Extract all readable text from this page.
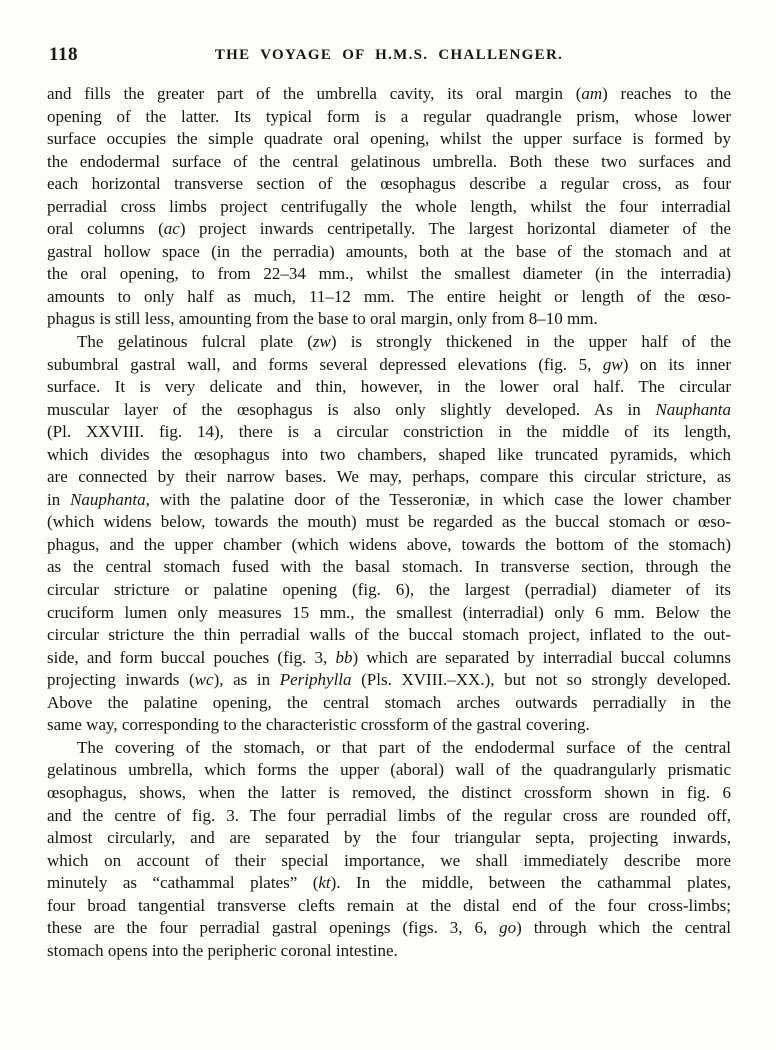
118	THE VOYAGE OF H.M.S. CHALLENGER.
and fills the greater part of the umbrella cavity, its oral margin (am) reaches to the
opening of the latter. Its typical form is a regular quadrangle prism, whose lower
surface occupies the simple quadrate oral opening, whilst the upper surface is formed by
the endodermal surface of the central gelatinous umbrella. Both these two surfaces and
each horizontal transverse section of the œsophagus describe a regular cross, as four
perradial cross limbs project centrifugally the whole length, whilst the four interradial
oral columns (ac) project inwards centripetally. The largest horizontal diameter of the
gastral hollow space (in the perradia) amounts, both at the base of the stomach and at
the oral opening, to from 22–34 mm., whilst the smallest diameter (in the interradia)
amounts to only half as much, 11–12 mm. The entire height or length of the œso-
phagus is still less, amounting from the base to oral margin, only from 8–10 mm.
The gelatinous fulcral plate (zw) is strongly thickened in the upper half of the
subumbral gastral wall, and forms several depressed elevations (fig. 5, gw) on its inner
surface. It is very delicate and thin, however, in the lower oral half. The circular
muscular layer of the œsophagus is also only slightly developed. As in Nauphanta
(Pl. XXVIII. fig. 14), there is a circular constriction in the middle of its length,
which divides the œsophagus into two chambers, shaped like truncated pyramids, which
are connected by their narrow bases. We may, perhaps, compare this circular stricture, as
in Nauphanta, with the palatine door of the Tesseroniæ, in which case the lower chamber
(which widens below, towards the mouth) must be regarded as the buccal stomach or œso-
phagus, and the upper chamber (which widens above, towards the bottom of the stomach)
as the central stomach fused with the basal stomach. In transverse section, through the
circular stricture or palatine opening (fig. 6), the largest (perradial) diameter of its
cruciform lumen only measures 15 mm., the smallest (interradial) only 6 mm. Below the
circular stricture the thin perradial walls of the buccal stomach project, inflated to the out-
side, and form buccal pouches (fig. 3, bb) which are separated by interradial buccal columns
projecting inwards (wc), as in Periphylla (Pls. XVIII.–XX.), but not so strongly developed.
Above the palatine opening, the central stomach arches outwards perradially in the
same way, corresponding to the characteristic crossform of the gastral covering.
The covering of the stomach, or that part of the endodermal surface of the central
gelatinous umbrella, which forms the upper (aboral) wall of the quadrangularly prismatic
œsophagus, shows, when the latter is removed, the distinct crossform shown in fig. 6
and the centre of fig. 3. The four perradial limbs of the regular cross are rounded off,
almost circularly, and are separated by the four triangular septa, projecting inwards,
which on account of their special importance, we shall immediately describe more
minutely as “cathammal plates” (kt). In the middle, between the cathammal plates,
four broad tangential transverse clefts remain at the distal end of the four cross-limbs;
these are the four perradial gastral openings (figs. 3, 6, go) through which the central
stomach opens into the peripheric coronal intestine.
